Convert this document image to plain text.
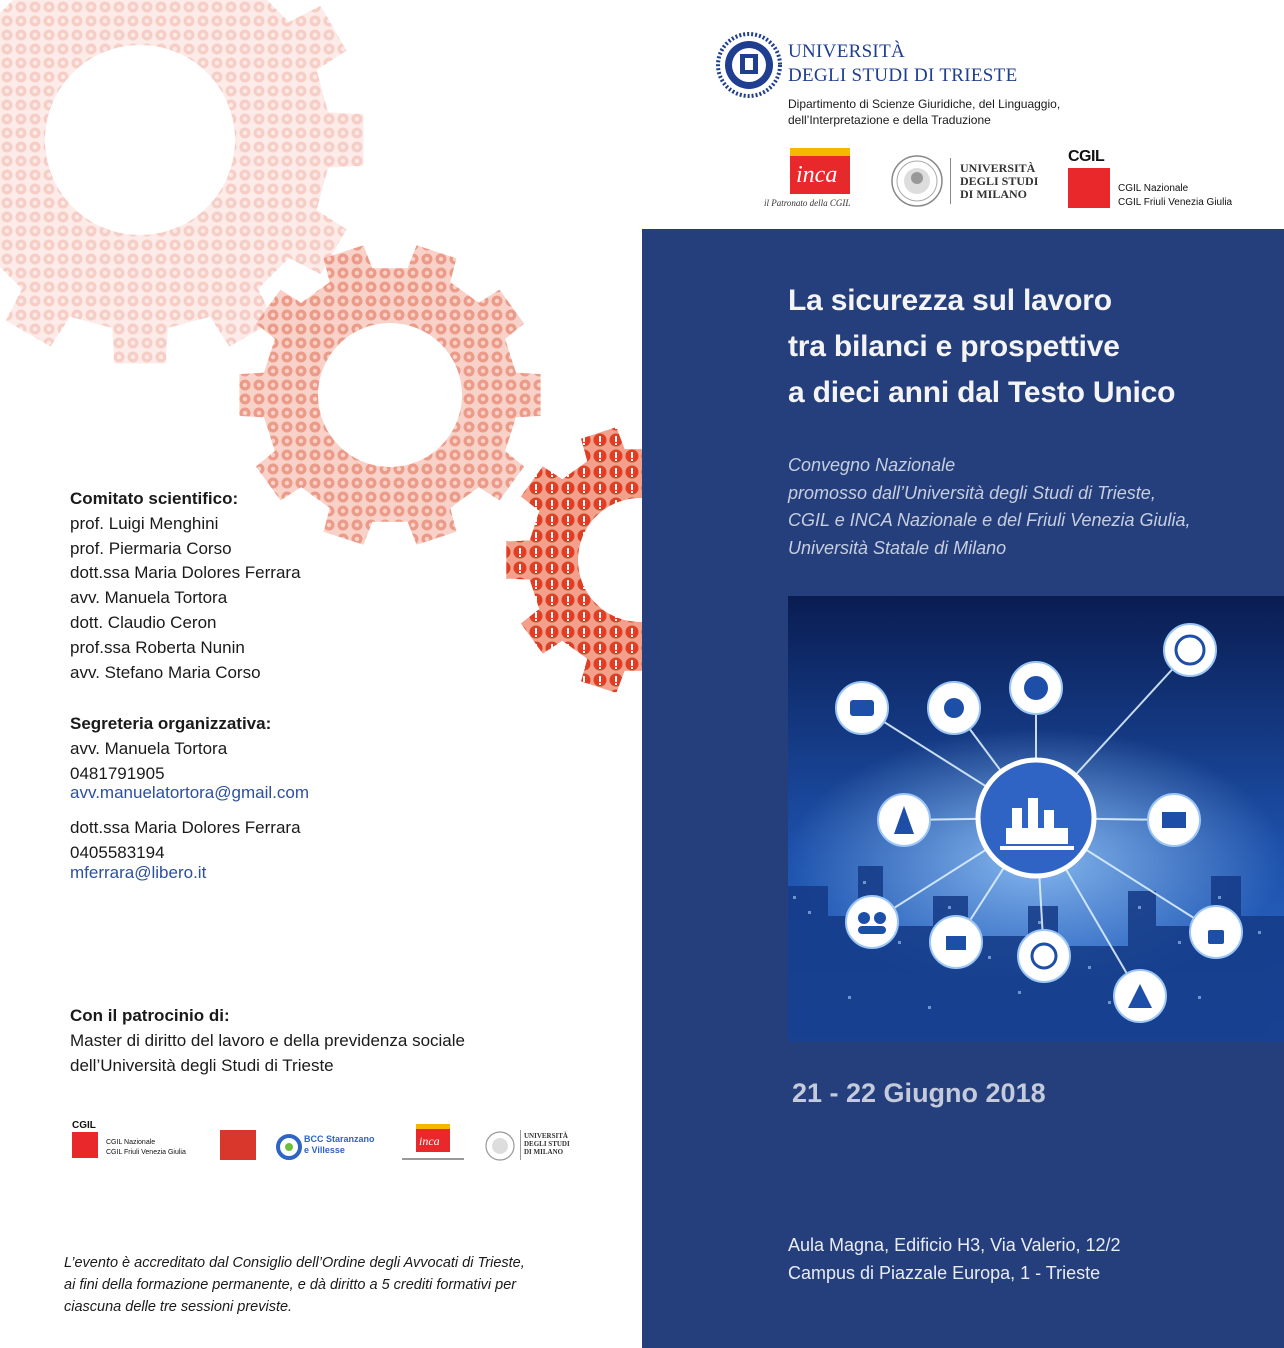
UNIVERSITÀ
DEGLI STUDI DI TRIESTE
Dipartimento di Scienze Giuridiche, del Linguaggio,
dell’Interpretazione e della Traduzione
inca
il Patronato della CGIL
UNIVERSITÀ
DEGLI STUDI
DI MILANO
CGIL
CGIL Nazionale
CGIL Friuli Venezia Giulia
La sicurezza sul lavoro
tra bilanci e prospettive
a dieci anni dal Testo Unico
Convegno Nazionale
promosso dall’Università degli Studi di Trieste,
CGIL e INCA Nazionale e del Friuli Venezia Giulia,
Università Statale di Milano
21 - 22 Giugno 2018
Aula Magna, Edificio H3, Via Valerio, 12/2
Campus di Piazzale Europa, 1 - Trieste
Comitato scientifico:
prof. Luigi Menghini
prof. Piermaria Corso
dott.ssa Maria Dolores Ferrara
avv. Manuela Tortora
dott. Claudio Ceron
prof.ssa Roberta Nunin
avv. Stefano Maria Corso
Segreteria organizzativa:
avv. Manuela Tortora
0481791905
avv.manuelatortora@gmail.com
dott.ssa Maria Dolores Ferrara
0405583194
mferrara@libero.it
Con il patrocinio di:
Master di diritto del lavoro e della previdenza sociale
dell’Università degli Studi di Trieste
CGIL
CGIL Nazionale
CGIL Friuli Venezia Giulia
BCC Staranzano
e Villesse
inca	UNIVERSITÀ
DEGLI STUDI
DI MILANO
L’evento è accreditato dal Consiglio dell’Ordine degli Avvocati di Trieste,
ai fini della formazione permanente, e dà diritto a 5 crediti formativi per
ciascuna delle tre sessioni previste.
